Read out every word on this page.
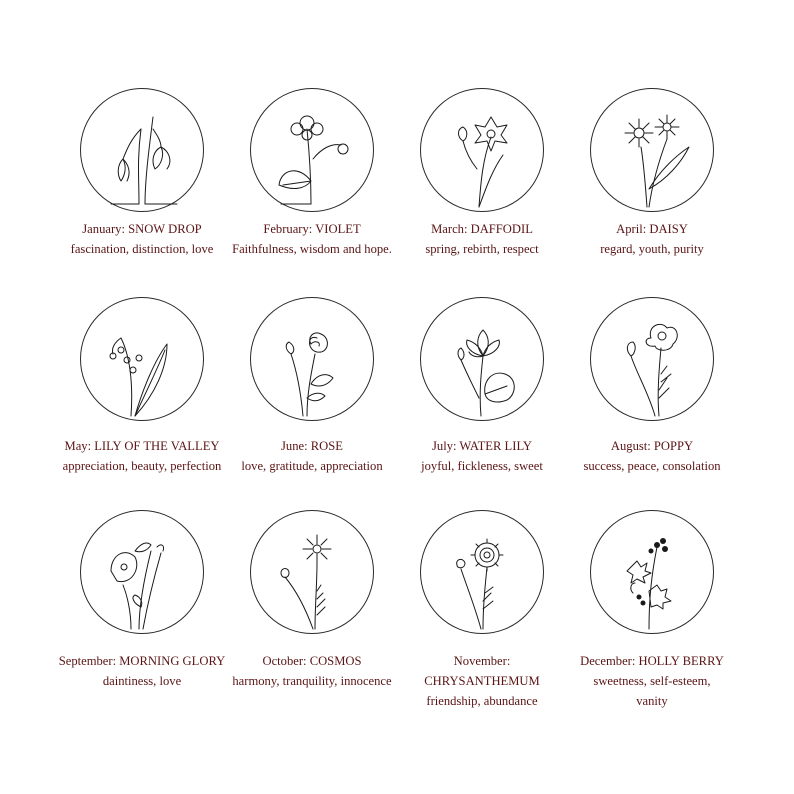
January: SNOW DROP
fascination, distinction, love
February: VIOLET
Faithfulness, wisdom and hope.
March: DAFFODIL
spring, rebirth, respect
April: DAISY
regard, youth, purity
May: LILY OF THE VALLEY
appreciation, beauty, perfection
June: ROSE
love, gratitude, appreciation
July: WATER LILY
joyful, fickleness, sweet
August: POPPY
success, peace, consolation
September: MORNING GLORY
daintiness, love
October: COSMOS
harmony, tranquility, innocence
November:
CHRYSANTHEMUM
friendship, abundance
December: HOLLY BERRY
sweetness, self-esteem,
vanity
